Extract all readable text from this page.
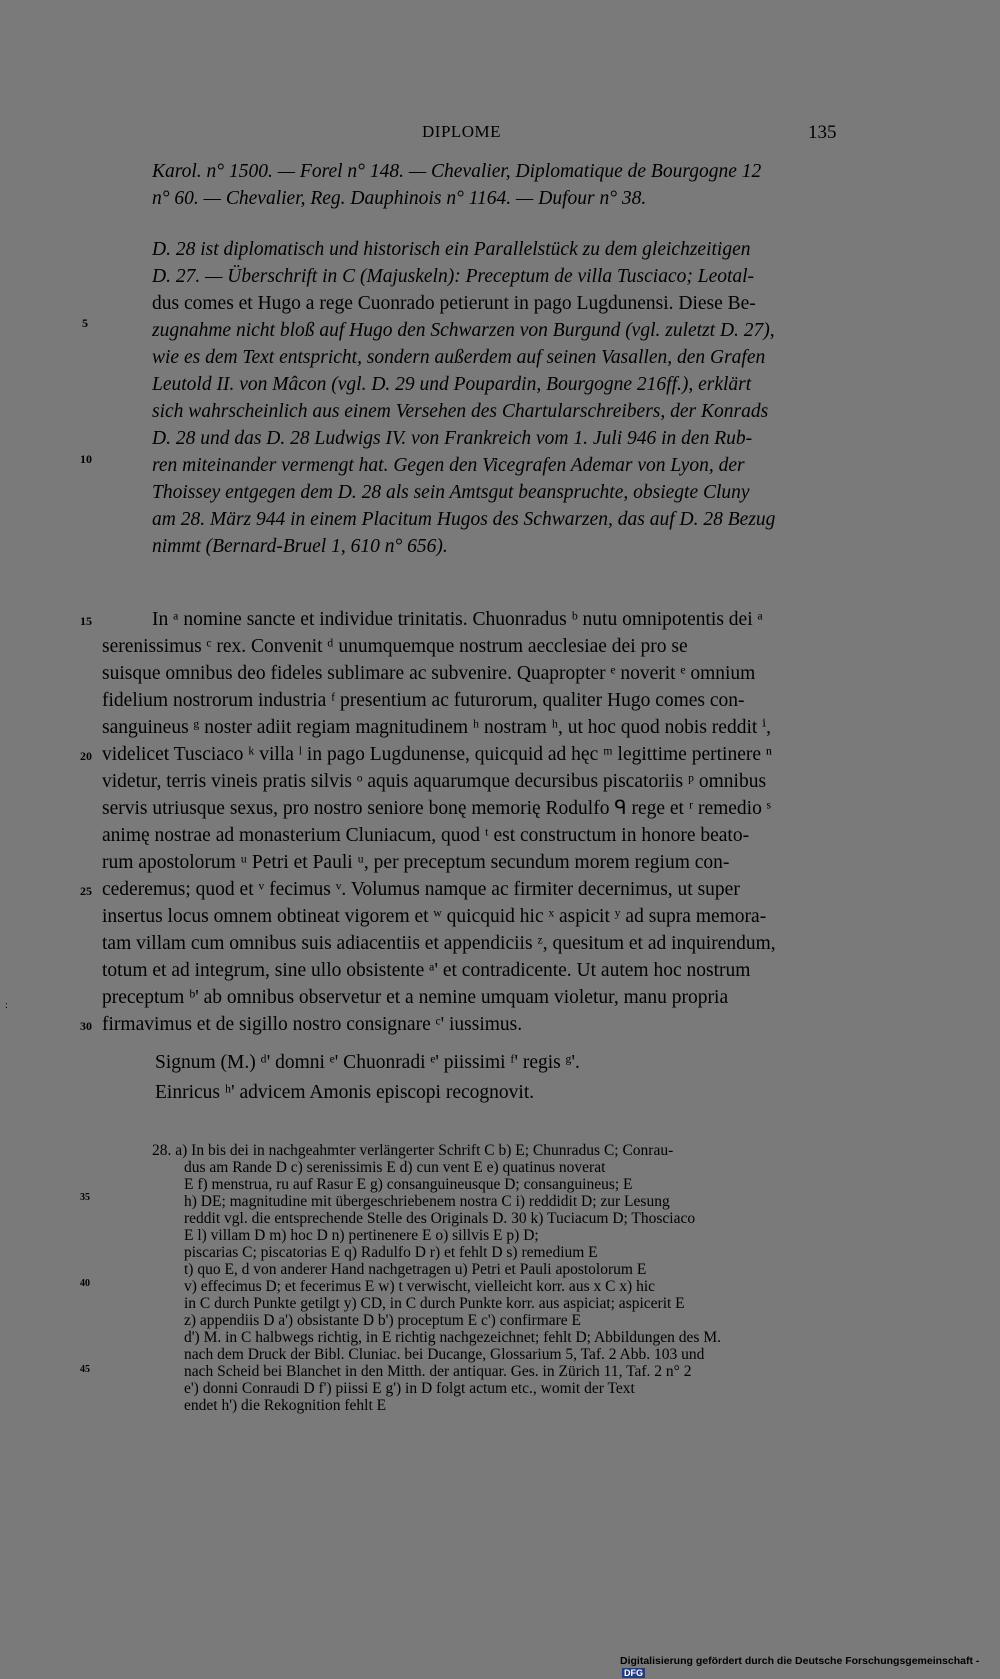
DIPLOME	135
Karol. n° 1500. — Forel n° 148. — Chevalier, Diplomatique de Bourgogne 12
n° 60. — Chevalier, Reg. Dauphinois n° 1164. — Dufour n° 38.
D. 28 ist diplomatisch und historisch ein Parallelstück zu dem gleichzeitigen
D. 27. — Überschrift in C (Majuskeln): Preceptum de villa Tusciaco; Leotal-
5
dus comes et Hugo a rege Cuonrado petierunt in pago Lugdunensi. Diese Be-
zugnahme nicht bloß auf Hugo den Schwarzen von Burgund (vgl. zuletzt D. 27),
wie es dem Text entspricht, sondern außerdem auf seinen Vasallen, den Grafen
Leutold II. von Mâcon (vgl. D. 29 und Poupardin, Bourgogne 216ff.), erklärt
sich wahrscheinlich aus einem Versehen des Chartularschreibers, der Konrads
10
D. 28 und das D. 28 Ludwigs IV. von Frankreich vom 1. Juli 946 in den Rub-
ren miteinander vermengt hat. Gegen den Vicegrafen Ademar von Lyon, der
Thoissey entgegen dem D. 28 als sein Amtsgut beanspruchte, obsiegte Cluny
am 28. März 944 in einem Placitum Hugos des Schwarzen, das auf D. 28 Bezug
nimmt (Bernard-Bruel 1, 610 n° 656).
15	In ᵃ nomine sancte et individue trinitatis. Chuonradus ᵇ nutu omnipotentis dei ᵃ
serenissimus ᶜ rex. Convenit ᵈ unumquemque nostrum aecclesiae dei pro se
suisque omnibus deo fideles sublimare ac subvenire. Quapropter ᵉ noverit ᵉ omnium
fidelium nostrorum industria ᶠ presentium ac futurorum, qualiter Hugo comes con-
sanguineus ᵍ noster adiit regiam magnitudinem ʰ nostram ʰ, ut hoc quod nobis reddit ⁱ,
20 videlicet Tusciaco ᵏ villa ˡ in pago Lugdunense, quicquid ad hęc ᵐ legittime pertinere ⁿ
videtur, terris vineis pratis silvis ᵒ aquis aquarumque decursibus piscatoriis ᵖ omnibus
servis utriusque sexus, pro nostro seniore bonę memorię Rodulfo ᑫ rege et ʳ remedio ˢ
animę nostrae ad monasterium Cluniacum, quod ᵗ est constructum in honore beato-
rum apostolorum ᵘ Petri et Pauli ᵘ, per preceptum secundum morem regium con-
25 cederemus; quod et ᵛ fecimus ᵛ. Volumus namque ac firmiter decernimus, ut super
insertus locus omnem obtineat vigorem et ʷ quicquid hic ˣ aspicit ʸ ad supra memora-
tam villam cum omnibus suis adiacentiis et appendiciis ᶻ, quesitum et ad inquirendum,
totum et ad integrum, sine ullo obsistente ᵃ' et contradicente. Ut autem hoc nostrum
:	preceptum ᵇ' ab omnibus observetur et a nemine umquam violetur, manu propria
30 firmavimus et de sigillo nostro consignare ᶜ' iussimus.
Signum (M.) ᵈ' domni ᵉ' Chuonradi ᵉ' piissimi ᶠ' regis ᵍ'.
Einricus ʰ' advicem Amonis episcopi recognovit.
28. a) In bis dei in nachgeahmter verlängerter Schrift C b) E; Chunradus C; Conrau-
dus am Rande D c) serenissimis E d) cun vent E e) quatinus noverat
E f) menstrua, ru auf Rasur E g) consanguineusque D; consanguineus; E
35	h) DE; magnitudine mit übergeschriebenem nostra C i) reddidit D; zur Lesung
reddit vgl. die entsprechende Stelle des Originals D. 30 k) Tuciacum D; Thosciaco
E l) villam D m) hoc D n) pertinenere E o) sillvis E p) D;
piscarias C; piscatorias E q) Radulfo D r) et fehlt D s) remedium E
40
t) quo E, d von anderer Hand nachgetragen u) Petri et Pauli apostolorum E
v) effecimus D; et fecerimus E w) t verwischt, vielleicht korr. aus x C x) hic
in C durch Punkte getilgt y) CD, in C durch Punkte korr. aus aspiciat; aspicerit E
z) appendiis D a') obsistante D b') proceptum E c') confirmare E
d') M. in C halbwegs richtig, in E richtig nachgezeichnet; fehlt D; Abbildungen des M.
45
nach dem Druck der Bibl. Cluniac. bei Ducange, Glossarium 5, Taf. 2 Abb. 103 und
nach Scheid bei Blanchet in den Mitth. der antiquar. Ges. in Zürich 11, Taf. 2 n° 2
e') donni Conraudi D f') piissi E g') in D folgt actum etc., womit der Text
endet h') die Rekognition fehlt E
Digitalisierung gefördert durch die Deutsche Forschungsgemeinschaft -DFG
